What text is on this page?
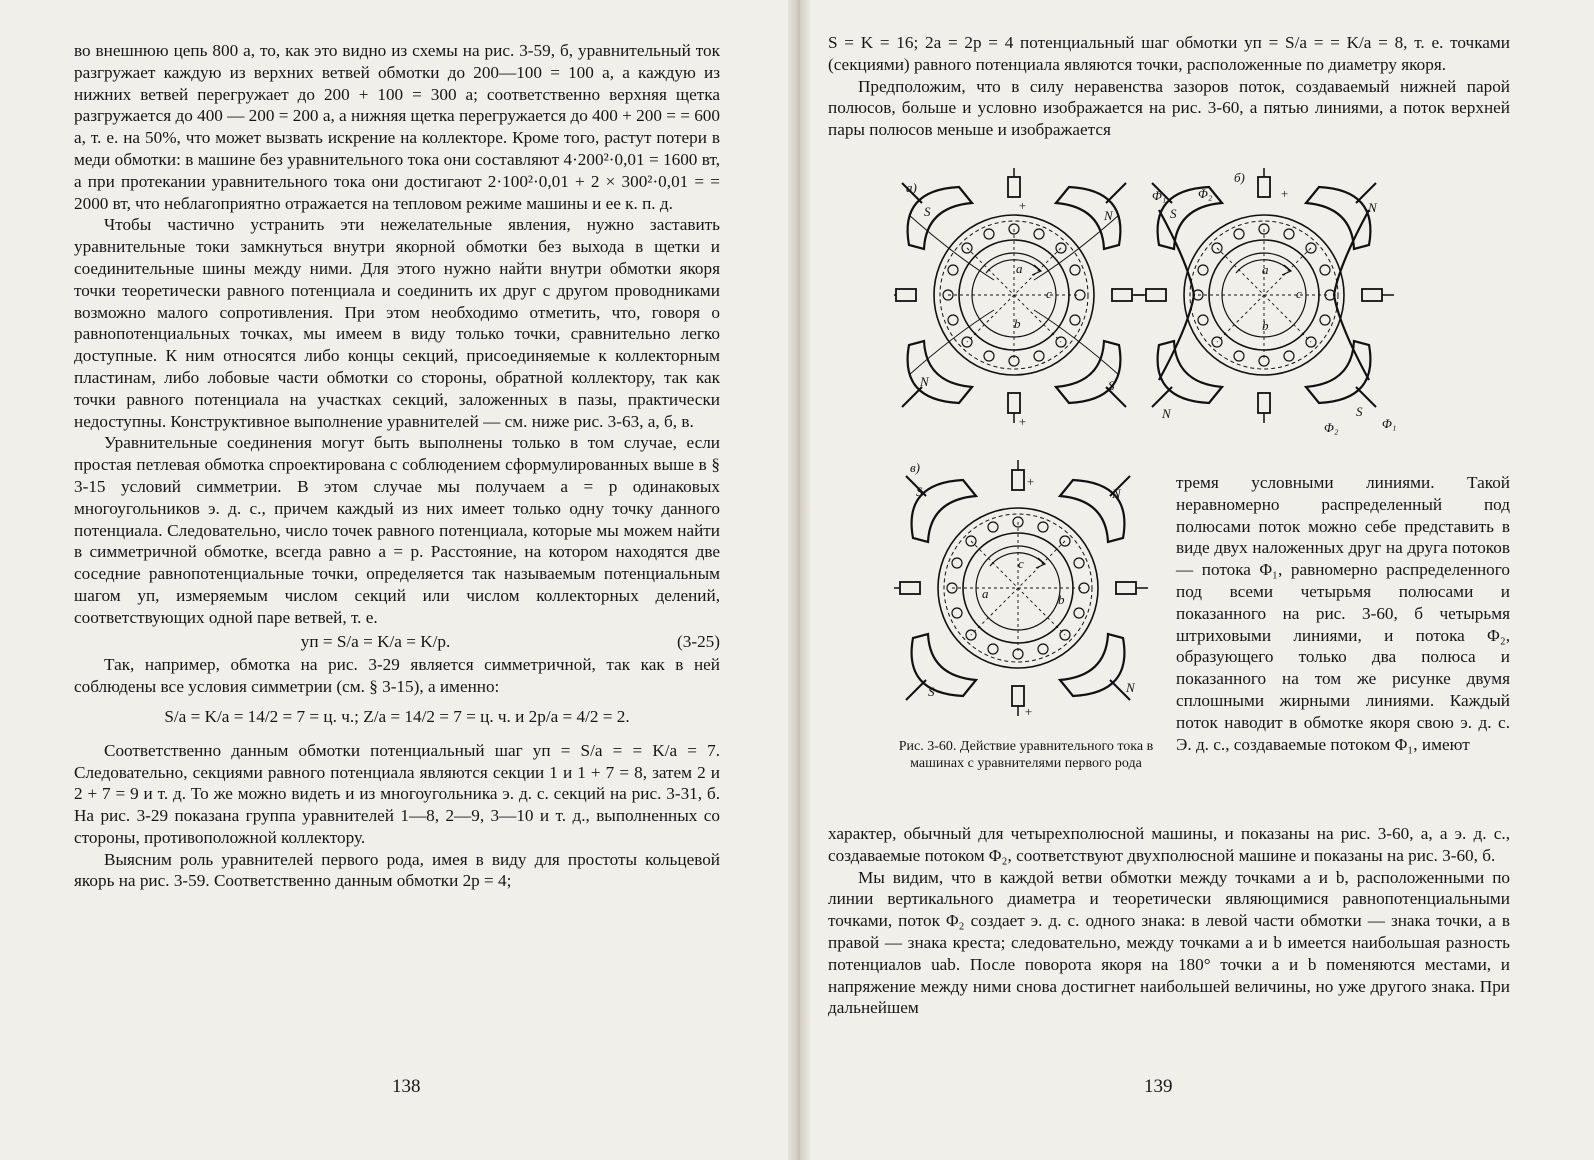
во внешнюю цепь 800 а, то, как это видно из схемы на рис. 3-59, б, уравнительный ток разгружает каждую из верхних ветвей обмотки до 200—100 = 100 а, а каждую из нижних ветвей перегружает до 200 + 100 = 300 а; соответственно верхняя щетка разгружается до 400 — 200 = 200 а, а нижняя щетка перегружается до 400 + 200 = = 600 а, т. е. на 50%, что может вызвать искрение на коллекторе. Кроме того, растут потери в меди обмотки: в машине без уравнительного тока они составляют 4·200²·0,01 = 1600 вт, а при протекании уравнительного тока они достигают 2·100²·0,01 + 2 × 300²·0,01 = = 2000 вт, что неблагоприятно отражается на тепловом режиме машины и ее к. п. д.

Чтобы частично устранить эти нежелательные явления, нужно заставить уравнительные токи замкнуться внутри якорной обмотки без выхода в щетки и соединительные шины между ними. Для этого нужно найти внутри обмотки якоря точки теоретически равного потенциала и соединить их друг с другом проводниками возможно малого сопротивления. При этом необходимо отметить, что, говоря о равнопотенциальных точках, мы имеем в виду только точки, сравнительно легко доступные. К ним относятся либо концы секций, присоединяемые к коллекторным пластинам, либо лобовые части обмотки со стороны, обратной коллектору, так как точки равного потенциала на участках секций, заложенных в пазы, практически недоступны. Конструктивное выполнение уравнителей — см. ниже рис. 3-63, а, б, в.

Уравнительные соединения могут быть выполнены только в том случае, если простая петлевая обмотка спроектирована с соблюдением сформулированных выше в § 3-15 условий симметрии. В этом случае мы получаем а = р одинаковых многоугольников э. д. с., причем каждый из них имеет только одну точку данного потенциала. Следовательно, число точек равного потенциала, которые мы можем найти в симметричной обмотке, всегда равно а = р. Расстояние, на котором находятся две соседние равнопотенциальные точки, определяется так называемым потенциальным шагом yп, измеряемым числом секций или числом коллекторных делений, соответствующих одной паре ветвей, т. е.

yп = S/a = K/a = K/p.	(3-25)

Так, например, обмотка на рис. 3-29 является симметричной, так как в ней соблюдены все условия симметрии (см. § 3-15), а именно:

S/a = K/a = 14/2 = 7 = ц. ч.; Z/a = 14/2 = 7 = ц. ч. и 2p/a = 4/2 = 2.

Соответственно данным обмотки потенциальный шаг yп = S/a = = K/a = 7. Следовательно, секциями равного потенциала являются секции 1 и 1 + 7 = 8, затем 2 и 2 + 7 = 9 и т. д. То же можно видеть и из многоугольника э. д. с. секций на рис. 3-31, б. На рис. 3-29 показана группа уравнителей 1—8, 2—9, 3—10 и т. д., выполненных со стороны, противоположной коллектору.

Выясним роль уравнителей первого рода, имея в виду для простоты кольцевой якорь на рис. 3-59. Соответственно данным обмотки 2p = 4;

138

S = K = 16; 2a = 2p = 4 потенциальный шаг обмотки yп = S/a = = K/a = 8, т. е. точками (секциями) равного потенциала являются точки, расположенные по диаметру якоря.

Предположим, что в силу неравенства зазоров поток, создаваемый нижней парой полюсов, больше и условно изображается на рис. 3-60, а пятью линиями, а поток верхней пары полюсов меньше и изображается

а)
S	N
N	S
+
+
a
b
c
б)
Φ₁ Φ₂
S	N
N	S
Φ₁
Φ₂
+
a
b
c
в)
S	N
S	N
+
+
a	b
c
тремя условными линиями. Такой неравномерно распределенный под полюсами поток можно себе представить в виде двух наложенных друг на друга потоков — потока Φ₁, равномерно распределенного под всеми четырьмя полюсами и показанного на рис. 3-60, б четырьмя штриховыми линиями, и потока Φ₂, образующего только два полюса и показанного на том же рисунке двумя сплошными жирными линиями. Каждый поток наводит в обмотке якоря свою э. д. с. Э. д. с., создаваемые потоком Φ₁, имеют
Рис. 3-60. Действие уравнительного тока в машинах с уравнителями первого рода

характер, обычный для четырехполюсной машины, и показаны на рис. 3-60, а, а э. д. с., создаваемые потоком Φ₂, соответствуют двухполюсной машине и показаны на рис. 3-60, б.

Мы видим, что в каждой ветви обмотки между точками а и b, расположенными по линии вертикального диаметра и теоретически являющимися равнопотенциальными точками, поток Φ₂ создает э. д. с. одного знака: в левой части обмотки — знака точки, а в правой — знака креста; следовательно, между точками а и b имеется наибольшая разность потенциалов uab. После поворота якоря на 180° точки а и b поменяются местами, и напряжение между ними снова достигнет наибольшей величины, но уже другого знака. При дальнейшем

139
